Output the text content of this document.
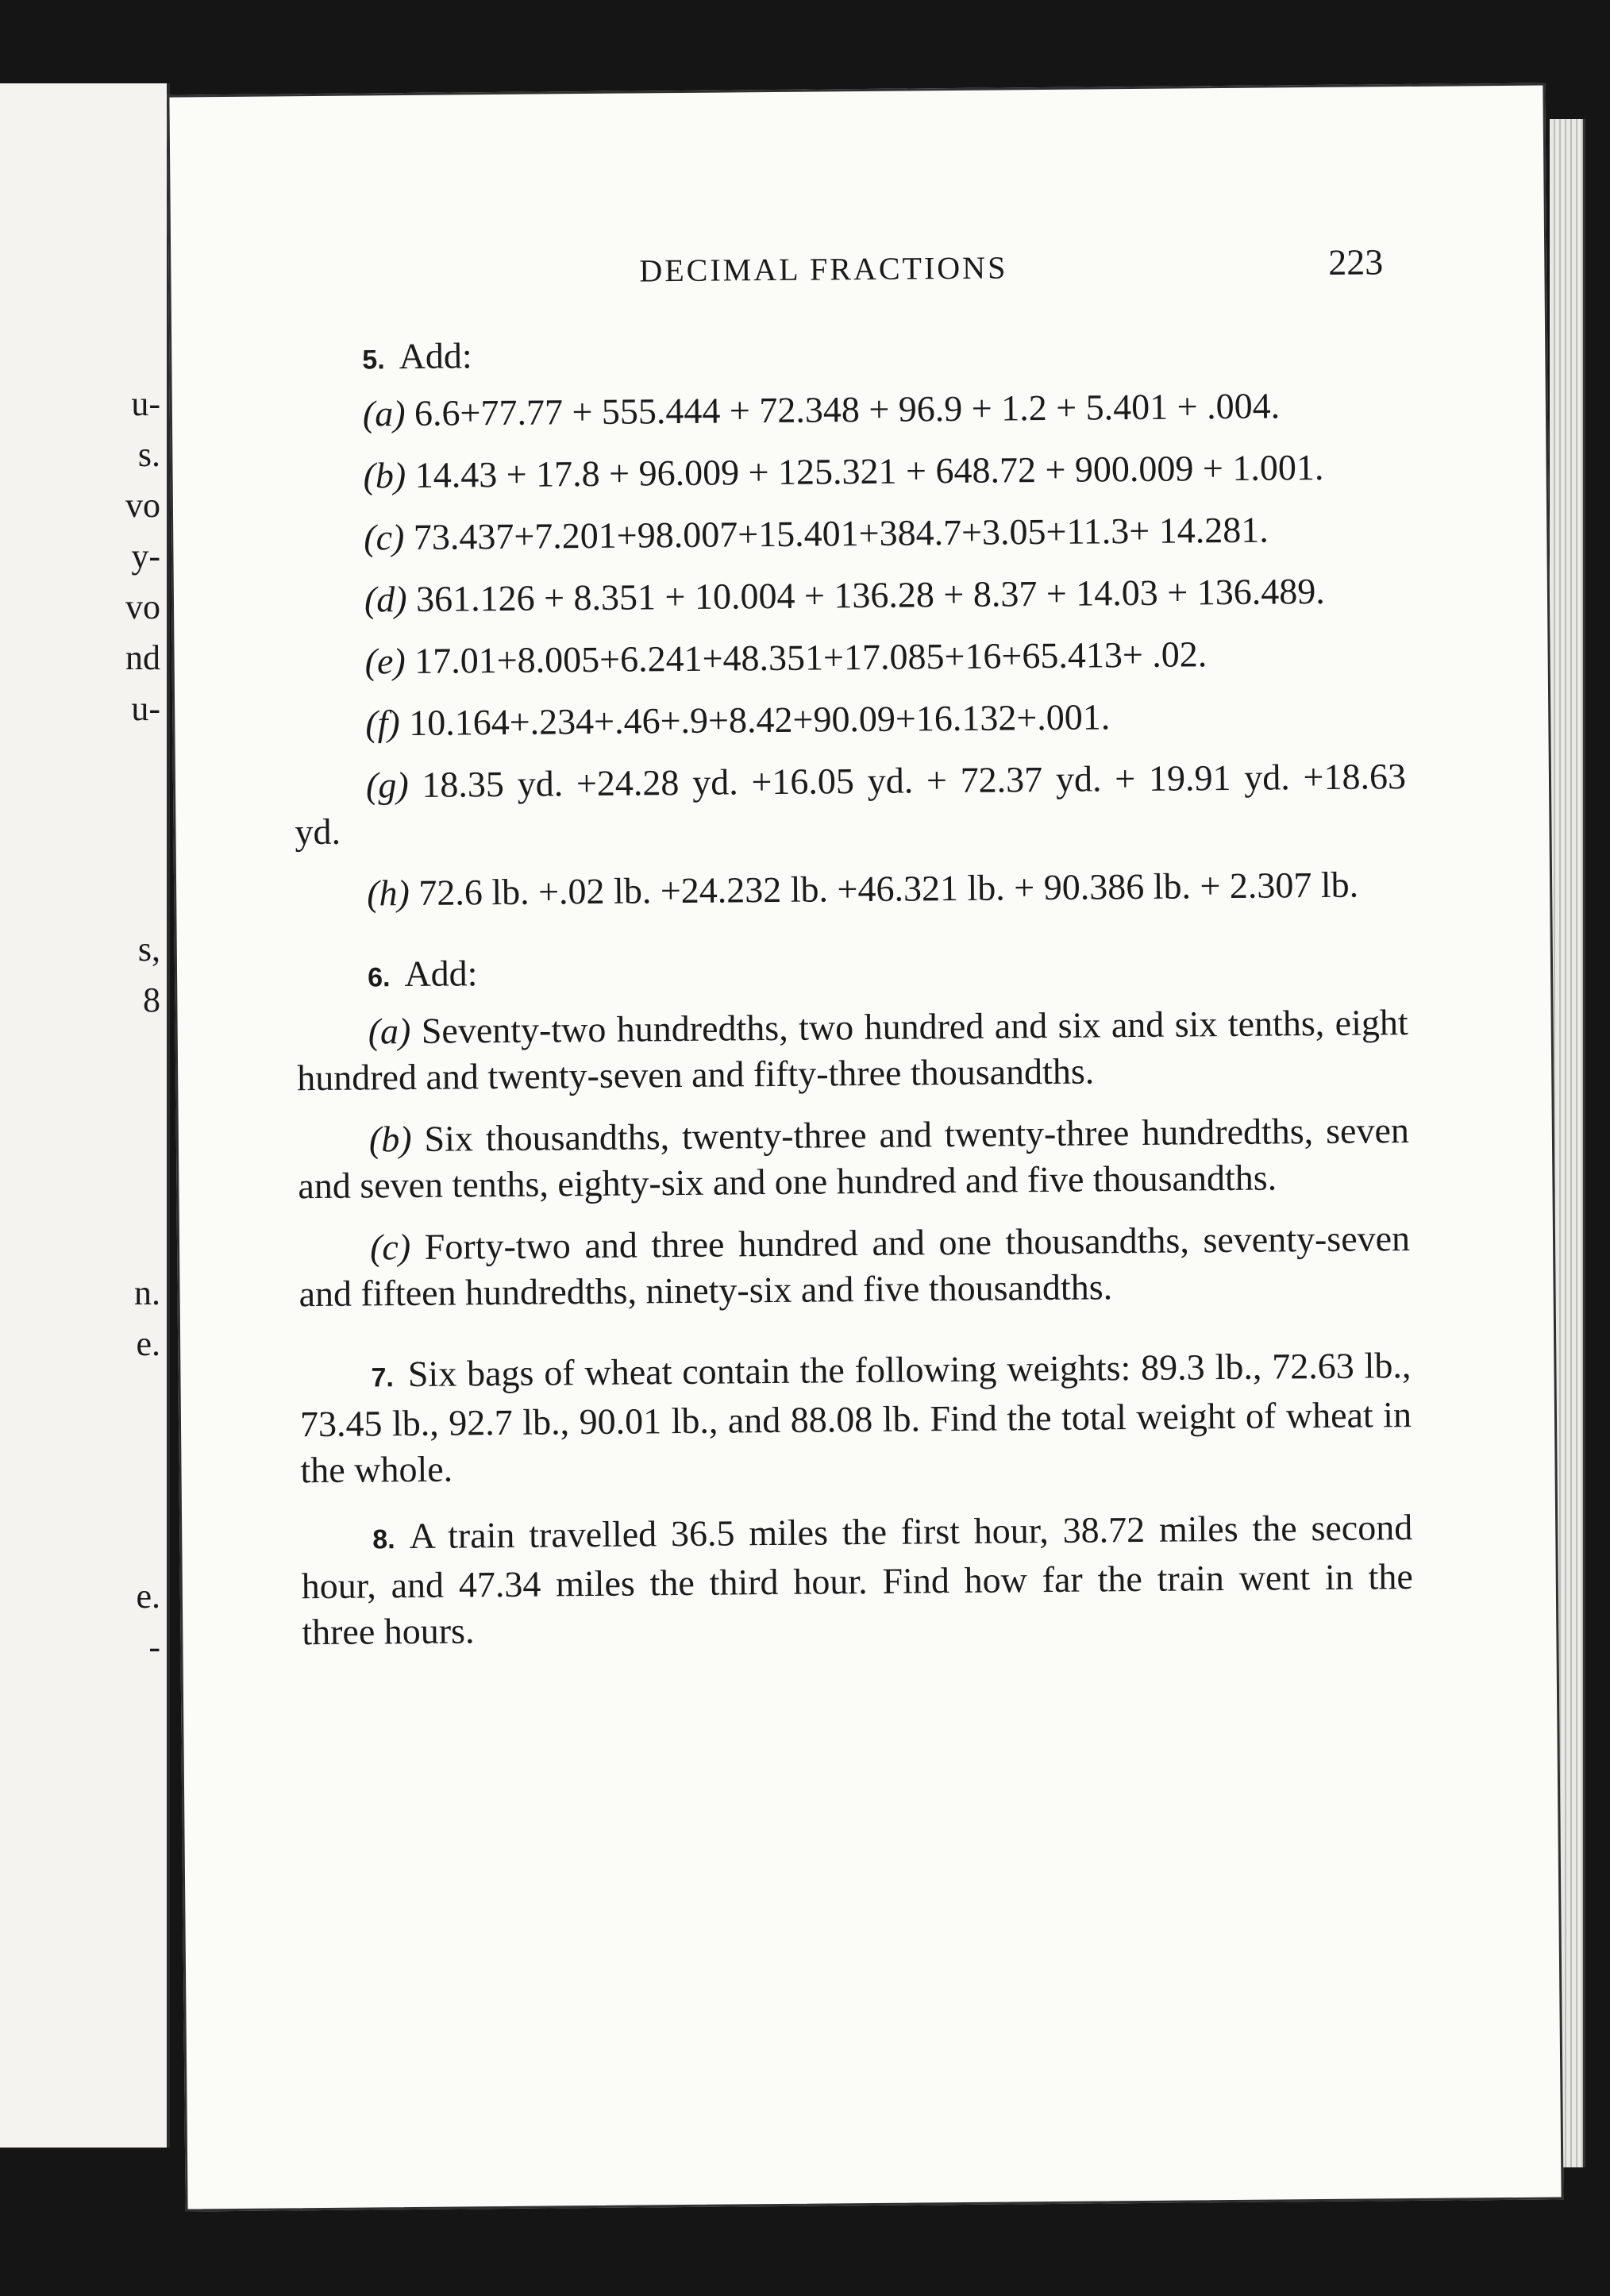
u-
s.
vo
y-
vo
nd
u-
s,
8
n.
e.
e.
-
DECIMAL FRACTIONS	223
5. Add:

(a) 6.6+77.77 + 555.444 + 72.348 + 96.9 + 1.2 + 5.401 + .004.

(b) 14.43 + 17.8 + 96.009 + 125.321 + 648.72 + 900.009 + 1.001.

(c) 73.437+7.201+98.007+15.401+384.7+3.05+11.3+ 14.281.

(d) 361.126 + 8.351 + 10.004 + 136.28 + 8.37 + 14.03 + 136.489.

(e) 17.01+8.005+6.241+48.351+17.085+16+65.413+ .02.

(f) 10.164+.234+.46+.9+8.42+90.09+16.132+.001.

(g) 18.35 yd. +24.28 yd. +16.05 yd. + 72.37 yd. + 19.91 yd. +18.63 yd.

(h) 72.6 lb. +.02 lb. +24.232 lb. +46.321 lb. + 90.386 lb. + 2.307 lb.

6. Add:

(a) Seventy-two hundredths, two hundred and six and six tenths, eight hundred and twenty-seven and fifty-three thousandths.

(b) Six thousandths, twenty-three and twenty-three hundredths, seven and seven tenths, eighty-six and one hundred and five thousandths.

(c) Forty-two and three hundred and one thousandths, seventy-seven and fifteen hundredths, ninety-six and five thousandths.

7. Six bags of wheat contain the following weights: 89.3 lb., 72.63 lb., 73.45 lb., 92.7 lb., 90.01 lb., and 88.08 lb. Find the total weight of wheat in the whole.

8. A train travelled 36.5 miles the first hour, 38.72 miles the second hour, and 47.34 miles the third hour. Find how far the train went in the three hours.
